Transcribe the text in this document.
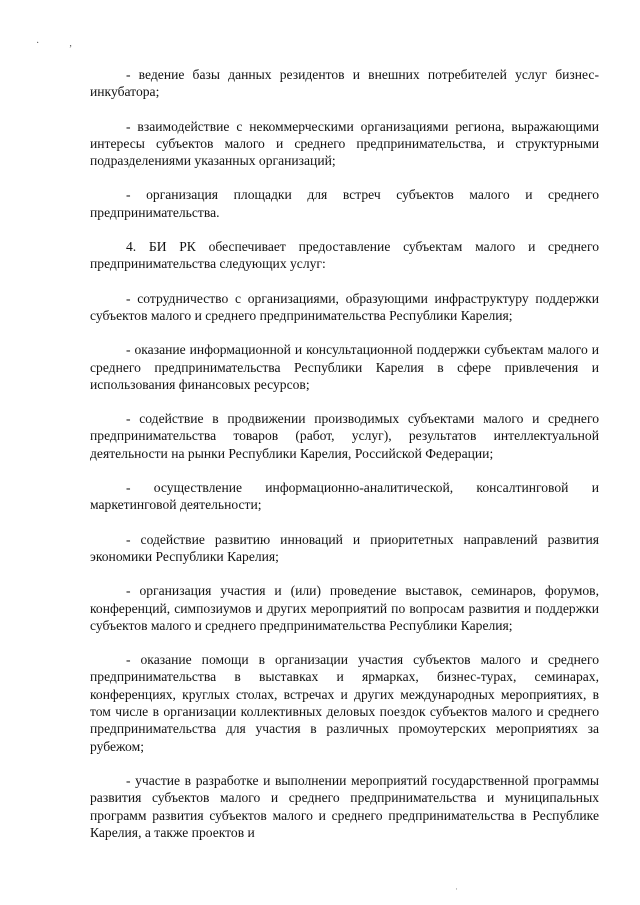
·,

- ведение базы данных резидентов и внешних потребителей услуг бизнес-инкубатора;

- взаимодействие с некоммерческими организациями региона, выражающими интересы субъектов малого и среднего предпринимательства, и структурными подразделениями указанных организаций;

- организация площадки для встреч субъектов малого и среднего предпринимательства.

4. БИ РК обеспечивает предоставление субъектам малого и среднего предпринимательства следующих услуг:

- сотрудничество с организациями, образующими инфраструктуру поддержки субъектов малого и среднего предпринимательства Республики Карелия;

- оказание информационной и консультационной поддержки субъектам малого и среднего предпринимательства Республики Карелия в сфере привлечения и использования финансовых ресурсов;

- содействие в продвижении производимых субъектами малого и среднего предпринимательства товаров (работ, услуг), результатов интеллектуальной деятельности на рынки Республики Карелия, Российской Федерации;

- осуществление информационно-аналитической, консалтинговой и маркетинговой деятельности;

- содействие развитию инноваций и приоритетных направлений развития экономики Республики Карелия;

- организация участия и (или) проведение выставок, семинаров, форумов, конференций, симпозиумов и других мероприятий по вопросам развития и поддержки субъектов малого и среднего предпринимательства Республики Карелия;

- оказание помощи в организации участия субъектов малого и среднего предпринимательства в выставках и ярмарках, бизнес-турах, семинарах, конференциях, круглых столах, встречах и других международных мероприятиях, в том числе в организации коллективных деловых поездок субъектов малого и среднего предпринимательства для участия в различных промоутерских мероприятиях за рубежом;

- участие в разработке и выполнении мероприятий государственной программы развития субъектов малого и среднего предпринимательства и муниципальных программ развития субъектов малого и среднего предпринимательства в Республике Карелия, а также проектов и

·
